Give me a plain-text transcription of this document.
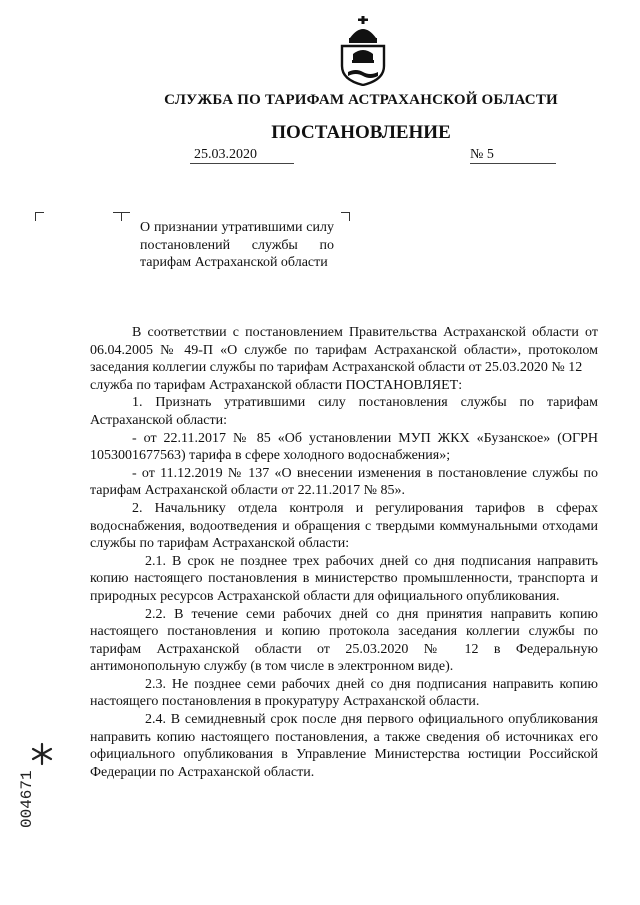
СЛУЖБА ПО ТАРИФАМ АСТРАХАНСКОЙ ОБЛАСТИ
ПОСТАНОВЛЕНИЕ
25.03.2020	№ 5
О признании утратившими силу постановлений службы по тарифам Астраханской области

В соответствии с постановлением Правительства Астраханской области от 06.04.2005 № 49-П «О службе по тарифам Астраханской области», протоколом заседания коллегии службы по тарифам Астраханской области от 25.03.2020 № 12

служба по тарифам Астраханской области ПОСТАНОВЛЯЕТ:

1. Признать утратившими силу постановления службы по тарифам Астраханской области:

- от 22.11.2017 № 85 «Об установлении МУП ЖКХ «Бузанское» (ОГРН 1053001677563) тарифа в сфере холодного водоснабжения»;

- от 11.12.2019 № 137 «О внесении изменения в постановление службы по тарифам Астраханской области от 22.11.2017 № 85».

2. Начальнику отдела контроля и регулирования тарифов в сферах водоснабжения, водоотведения и обращения с твердыми коммунальными отходами службы по тарифам Астраханской области:

2.1. В срок не позднее трех рабочих дней со дня подписания направить копию настоящего постановления в министерство промышленности, транспорта и природных ресурсов Астраханской области для официального опубликования.

2.2. В течение семи рабочих дней со дня принятия направить копию настоящего постановления и копию протокола заседания коллегии службы по тарифам Астраханской области от 25.03.2020 № 12 в Федеральную антимонопольную службу (в том числе в электронном виде).

2.3. Не позднее семи рабочих дней со дня подписания направить копию настоящего постановления в прокуратуру Астраханской области.

2.4. В семидневный срок после дня первого официального опубликования направить копию настоящего постановления, а также сведения об источниках его официального опубликования в Управление Министерства юстиции Российской Федерации по Астраханской области.

004671
